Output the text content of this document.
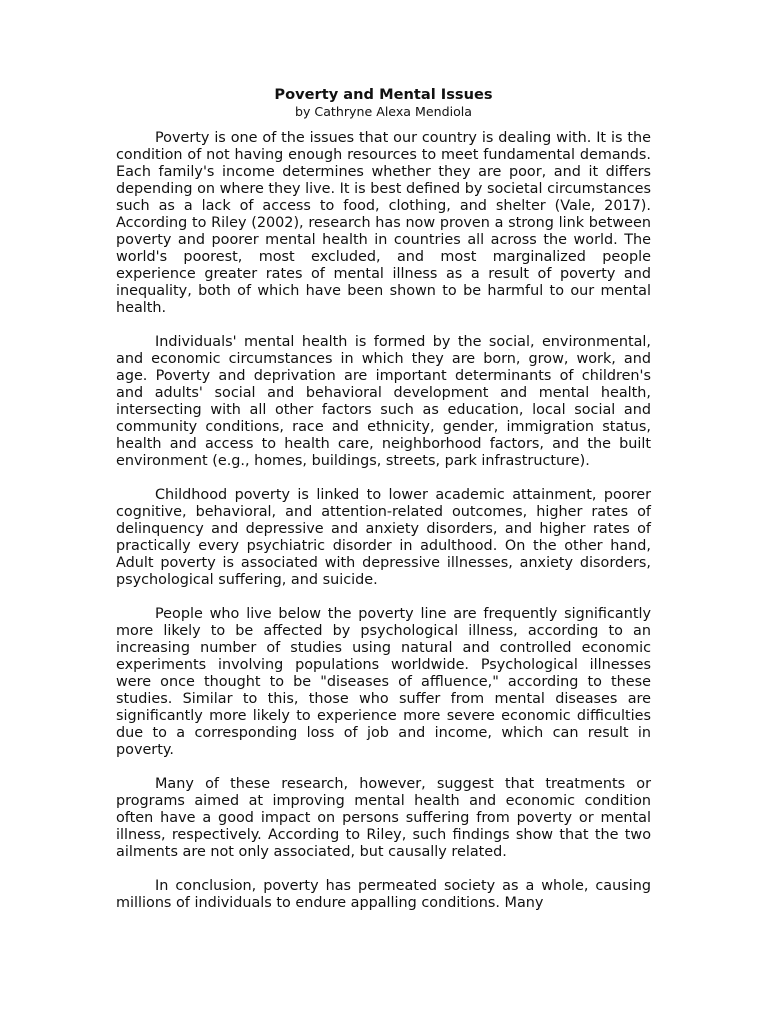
Poverty and Mental Issues

by Cathryne Alexa Mendiola

Poverty is one of the issues that our country is dealing with. It is the condition of not having enough resources to meet fundamental demands. Each family's income determines whether they are poor, and it differs depending on where they live. It is best defined by societal circumstances such as a lack of access to food, clothing, and shelter (Vale, 2017). According to Riley (2002), research has now proven a strong link between poverty and poorer mental health in countries all across the world. The world's poorest, most excluded, and most marginalized people experience greater rates of mental illness as a result of poverty and inequality, both of which have been shown to be harmful to our mental health.

Individuals' mental health is formed by the social, environmental, and economic circumstances in which they are born, grow, work, and age. Poverty and deprivation are important determinants of children's and adults' social and behavioral development and mental health, intersecting with all other factors such as education, local social and community conditions, race and ethnicity, gender, immigration status, health and access to health care, neighborhood factors, and the built environment (e.g., homes, buildings, streets, park infrastructure).

Childhood poverty is linked to lower academic attainment, poorer cognitive, behavioral, and attention-related outcomes, higher rates of delinquency and depressive and anxiety disorders, and higher rates of practically every psychiatric disorder in adulthood. On the other hand, Adult poverty is associated with depressive illnesses, anxiety disorders, psychological suffering, and suicide.

People who live below the poverty line are frequently significantly more likely to be affected by psychological illness, according to an increasing number of studies using natural and controlled economic experiments involving populations worldwide. Psychological illnesses were once thought to be "diseases of affluence," according to these studies. Similar to this, those who suffer from mental diseases are significantly more likely to experience more severe economic difficulties due to a corresponding loss of job and income, which can result in poverty.

Many of these research, however, suggest that treatments or programs aimed at improving mental health and economic condition often have a good impact on persons suffering from poverty or mental illness, respectively. According to Riley, such findings show that the two ailments are not only associated, but causally related.

In conclusion, poverty has permeated society as a whole, causing millions of individuals to endure appalling conditions. Many
